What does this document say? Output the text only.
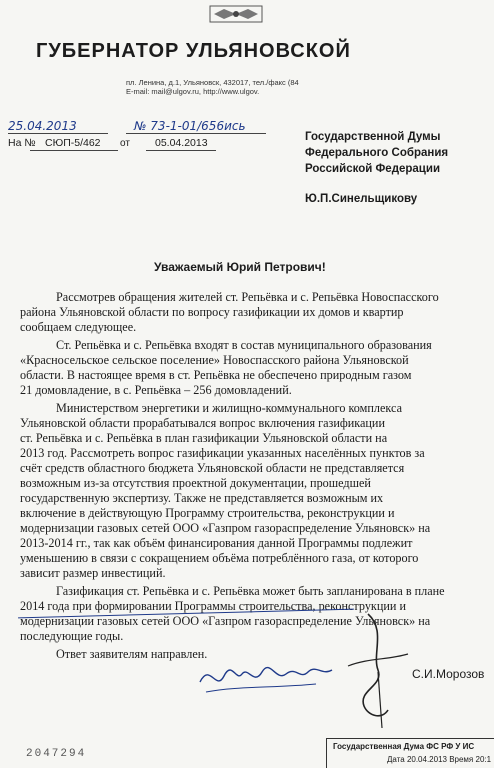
ГУБЕРНАТОР УЛЬЯНОВСКОЙ
пл. Ленина, д.1, Ульяновск, 432017, тел./факс (84
E-mail: mail@ulgov.ru, http://www.ulgov.
25.04.2013	№ 73-1-01/656ись
На № СЮП-5/462 от 05.04.2013	Государственной Думы
Федерального Собрания
Российской Федерации
Ю.П.Синельщикову
Уважаемый Юрий Петрович!
Рассмотрев обращения жителей ст. Репьёвка и с. Репьёвка Новоспасского
района Ульяновской области по вопросу газификации их домов и квартир
сообщаем следующее.
Ст. Репьёвка и с. Репьёвка входят в состав муниципального образования
«Красносельское сельское поселение» Новоспасского района Ульяновской
области. В настоящее время в ст. Репьёвка не обеспечено природным газом
21 домовладение, в с. Репьёвка – 256 домовладений.
Министерством энергетики и жилищно-коммунального комплекса
Ульяновской области прорабатывался вопрос включения газификации
ст. Репьёвка и с. Репьёвка в план газификации Ульяновской области на
2013 год. Рассмотреть вопрос газификации указанных населённых пунктов за
счёт средств областного бюджета Ульяновской области не представляется
возможным из-за отсутствия проектной документации, прошедшей
государственную экспертизу. Также не представляется возможным их
включение в действующую Программу строительства, реконструкции и
модернизации газовых сетей ООО «Газпром газораспределение Ульяновск» на
2013-2014 гг., так как объём финансирования данной Программы подлежит
уменьшению в связи с сокращением объёма потреблённого газа, от которого
зависит размер инвестиций.
Газификация ст. Репьёвка и с. Репьёвка может быть запланирована в плане
2014 года при формировании Программы строительства, реконструкции и
модернизации газовых сетей ООО «Газпром газораспределение Ульяновск» на
последующие годы.
Ответ заявителям направлен.
С.И.Морозов
2047294
Государственная Дума ФС РФ У ИС
Дата 20.04.2013 Время 20:1
